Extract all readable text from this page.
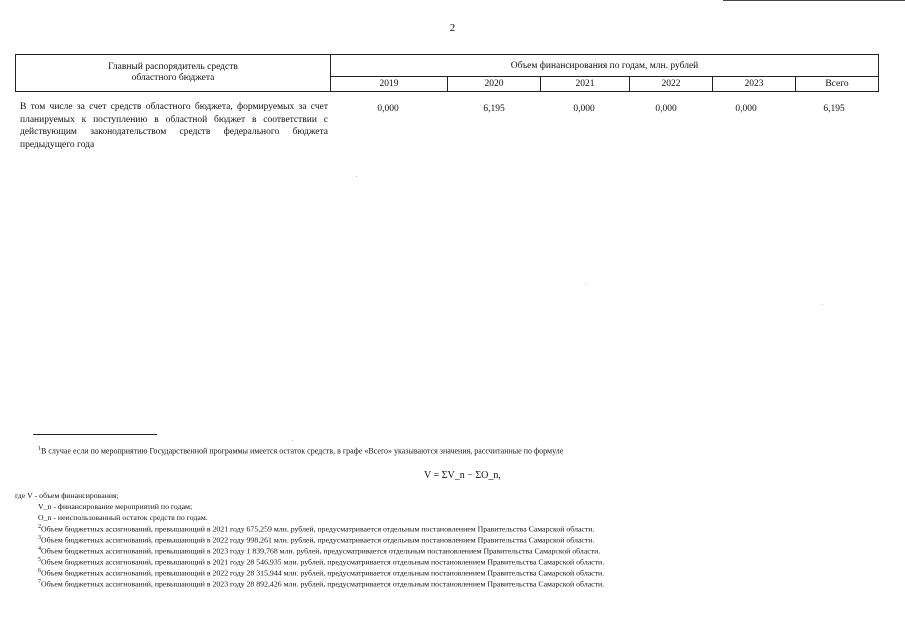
2
Главный распорядитель средств
областного бюджета	Объем финансирования по годам, млн. рублей					
	2019	2020	2021	2022	2023	Всего
В том числе за счет средств областного бюджета, формируемых за счет планируемых к поступлению в областной бюджет в соответствии с действующим законодательством средств федерального бюджета предыдущего года
0,000	6,195	0,000	0,000	0,000	6,195
$^1$В случае если по мероприятию Государственной программы имеется остаток средств, в графе «Всего» указываются значения, рассчитанные по формуле
V = ΣV_n − ΣO_n,
где V - объем финансирования;
V_n - финансирование мероприятий по годам;
O_n - неиспользованный остаток средств по годам.
$^2$Объем бюджетных ассигнований, превышающий в 2021 году 675,259 млн. рублей, предусматривается отдельным постановлением Правительства Самарской области.
$^3$Объем бюджетных ассигнований, превышающий в 2022 году 998,261 млн. рублей, предусматривается отдельным постановлением Правительства Самарской области.
$^4$Объем бюджетных ассигнований, превышающий в 2023 году 1 839,768 млн. рублей, предусматривается отдельным постановлением Правительства Самарской области.
$^5$Объем бюджетных ассигнований, превышающий в 2021 году 28 546,935 млн. рублей, предусматривается отдельным постановлением Правительства Самарской области.
$^6$Объем бюджетных ассигнований, превышающий в 2022 году 28 315,944 млн. рублей, предусматривается отдельным постановлением Правительства Самарской области.
$^7$Объем бюджетных ассигнований, превышающий в 2023 году 28 892,426 млн. рублей, предусматривается отдельным постановлением Правительства Самарской области.
